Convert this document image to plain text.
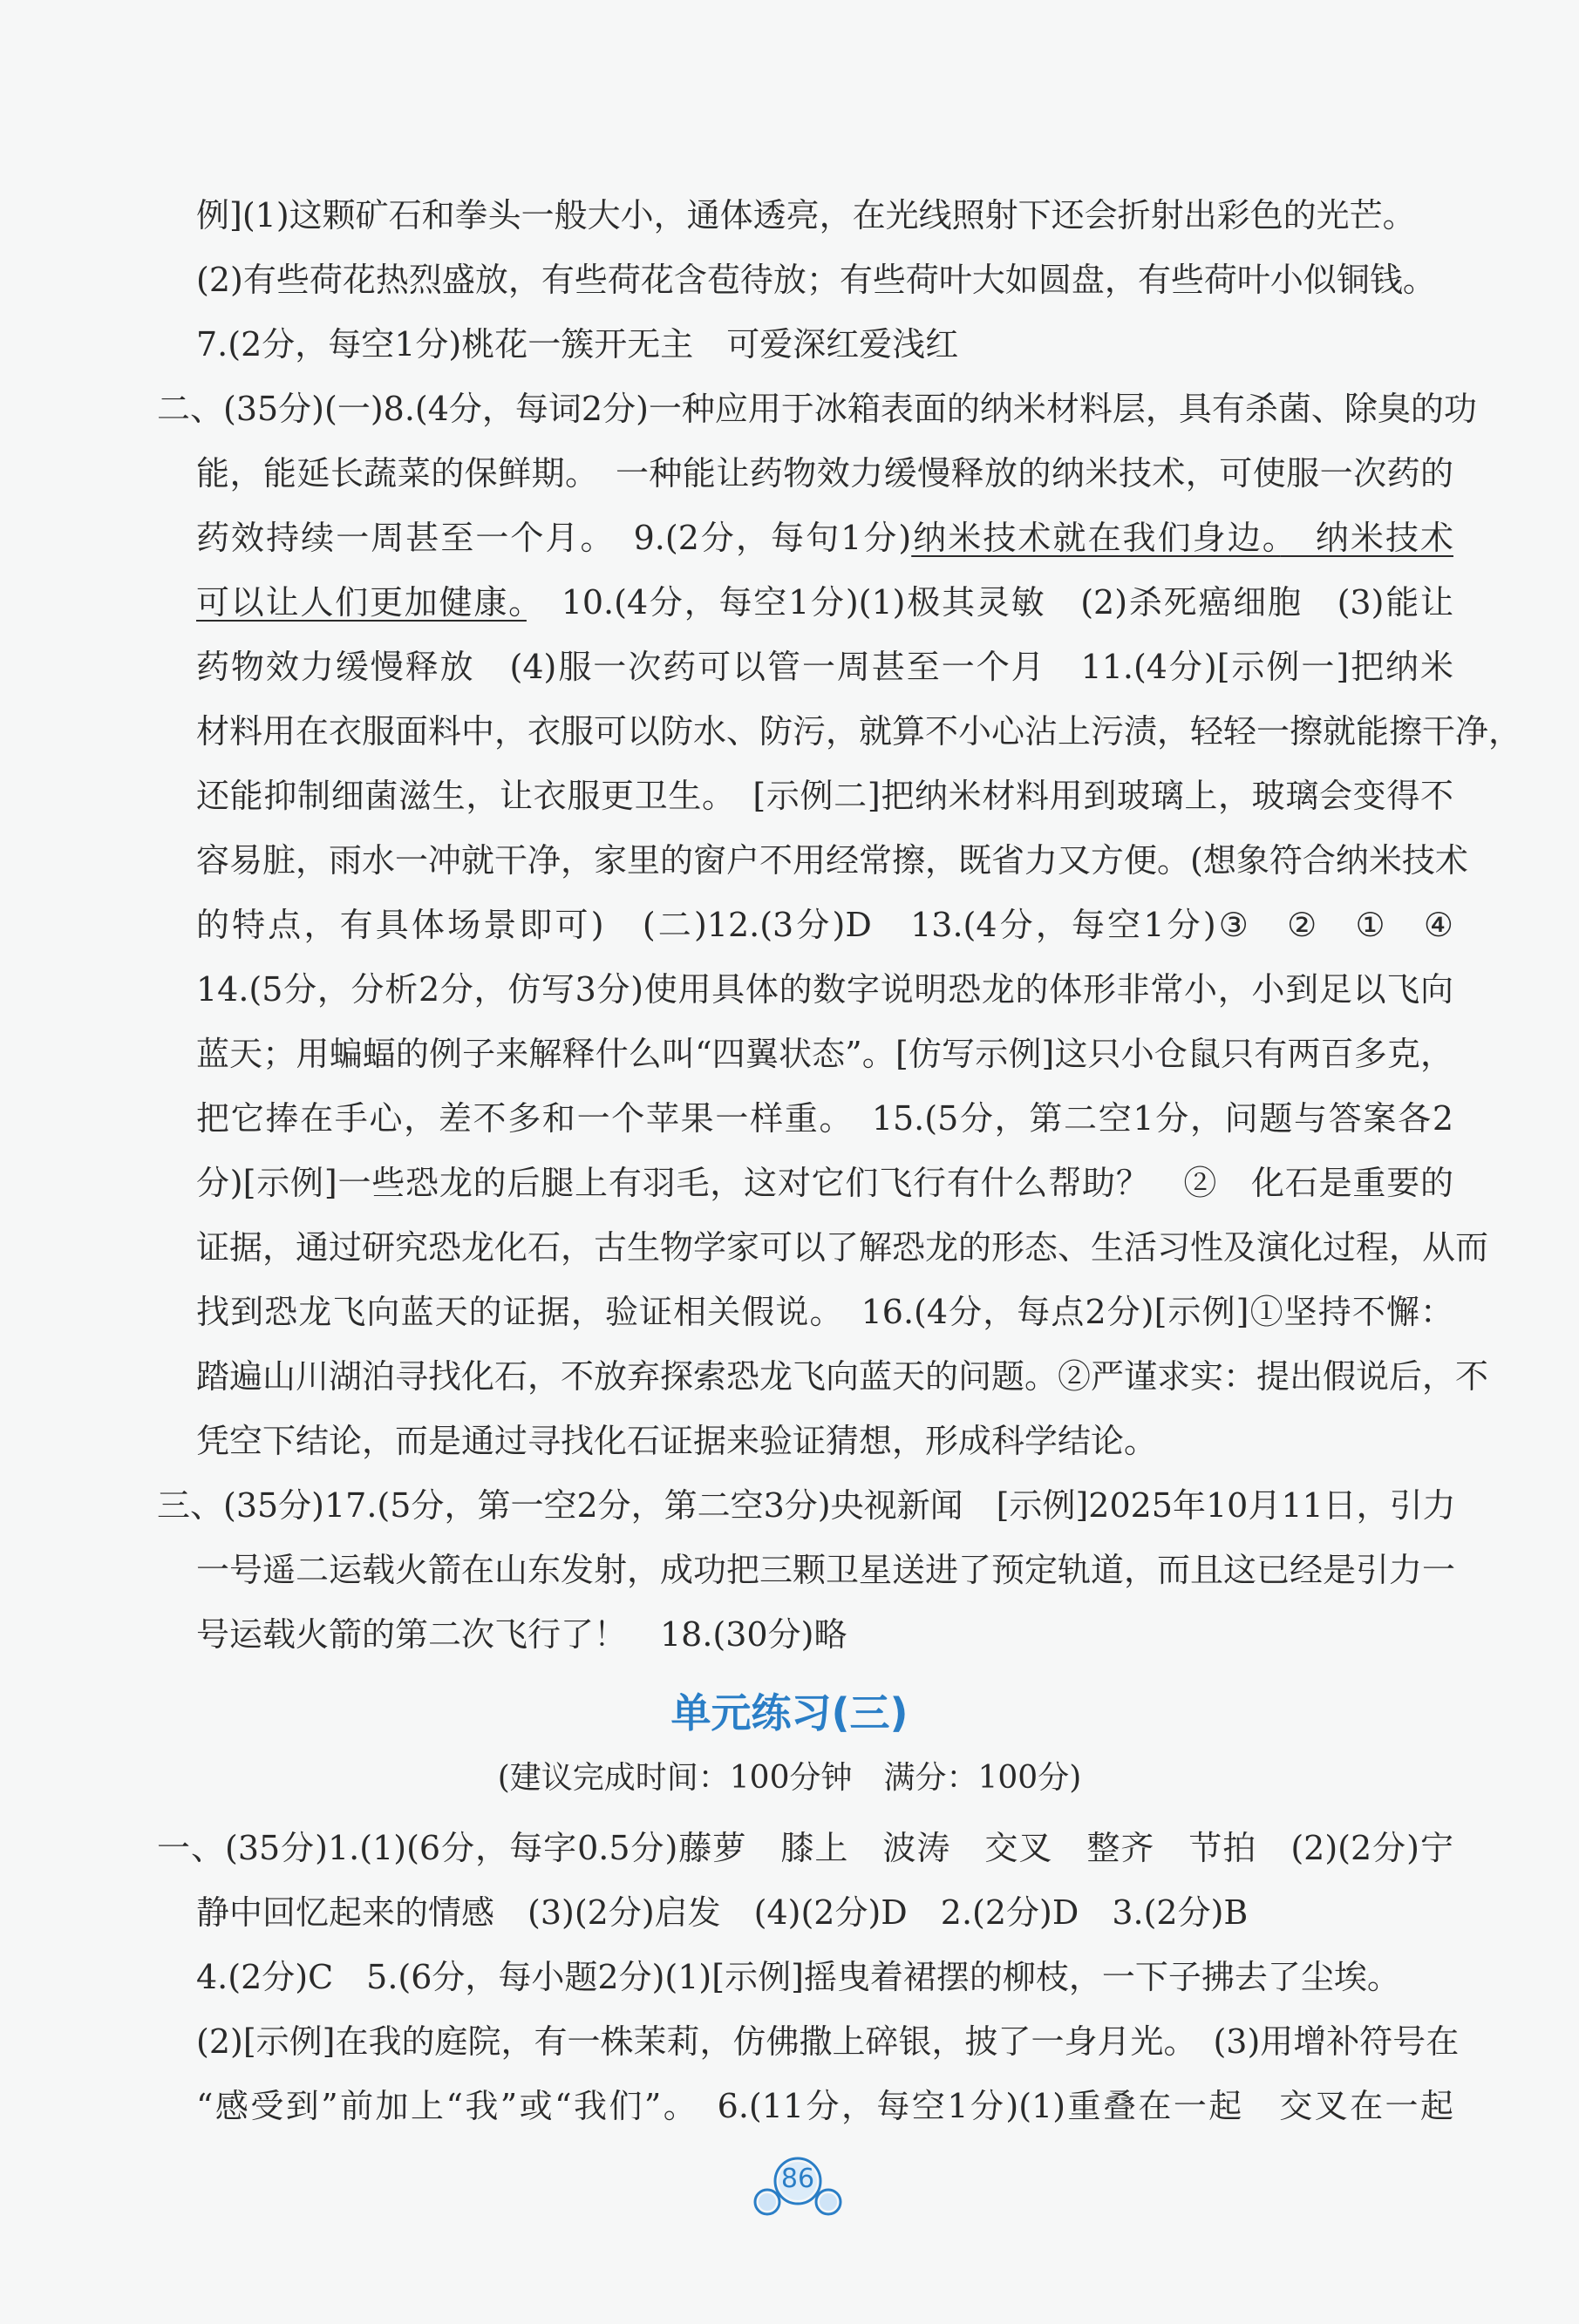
例](1)这颗矿石和拳头一般大小，通体透亮，在光线照射下还会折射出彩色的光芒。
(2)有些荷花热烈盛放，有些荷花含苞待放；有些荷叶大如圆盘，有些荷叶小似铜钱。
7.(2分，每空1分)桃花一簇开无主　可爱深红爱浅红
二、(35分)(一)8.(4分，每词2分)一种应用于冰箱表面的纳米材料层，具有杀菌、除臭的功
能，能延长蔬菜的保鲜期。　一种能让药物效力缓慢释放的纳米技术，可使服一次药的
药效持续一周甚至一个月。　9.(2分，每句1分)纳米技术就在我们身边。　纳米技术
可以让人们更加健康。　10.(4分，每空1分)(1)极其灵敏　(2)杀死癌细胞　(3)能让
药物效力缓慢释放　(4)服一次药可以管一周甚至一个月　11.(4分)[示例一]把纳米
材料用在衣服面料中，衣服可以防水、防污，就算不小心沾上污渍，轻轻一擦就能擦干净，
还能抑制细菌滋生，让衣服更卫生。　[示例二]把纳米材料用到玻璃上，玻璃会变得不
容易脏，雨水一冲就干净，家里的窗户不用经常擦，既省力又方便。(想象符合纳米技术
的特点，有具体场景即可)　(二)12.(3分)D　13.(4分，每空1分)③　②　①　④
14.(5分，分析2分，仿写3分)使用具体的数字说明恐龙的体形非常小，小到足以飞向
蓝天；用蝙蝠的例子来解释什么叫“四翼状态”。[仿写示例]这只小仓鼠只有两百多克，
把它捧在手心，差不多和一个苹果一样重。　15.(5分，第二空1分，问题与答案各2
分)[示例]一些恐龙的后腿上有羽毛，这对它们飞行有什么帮助？　②　化石是重要的
证据，通过研究恐龙化石，古生物学家可以了解恐龙的形态、生活习性及演化过程，从而
找到恐龙飞向蓝天的证据，验证相关假说。　16.(4分，每点2分)[示例]①坚持不懈：
踏遍山川湖泊寻找化石，不放弃探索恐龙飞向蓝天的问题。②严谨求实：提出假说后，不
凭空下结论，而是通过寻找化石证据来验证猜想，形成科学结论。
三、(35分)17.(5分，第一空2分，第二空3分)央视新闻　[示例]2025年10月11日，引力
一号遥二运载火箭在山东发射，成功把三颗卫星送进了预定轨道，而且这已经是引力一
号运载火箭的第二次飞行了！　18.(30分)略
单元练习(三)
(建议完成时间：100分钟　满分：100分)
一、(35分)1.(1)(6分，每字0.5分)藤萝　膝上　波涛　交叉　整齐　节拍　(2)(2分)宁
静中回忆起来的情感　(3)(2分)启发　(4)(2分)D　2.(2分)D　3.(2分)B
4.(2分)C　5.(6分，每小题2分)(1)[示例]摇曳着裙摆的柳枝，一下子拂去了尘埃。
(2)[示例]在我的庭院，有一株茉莉，仿佛撒上碎银，披了一身月光。　(3)用增补符号在
“感受到”前加上“我”或“我们”。　6.(11分，每空1分)(1)重叠在一起　交叉在一起
86
